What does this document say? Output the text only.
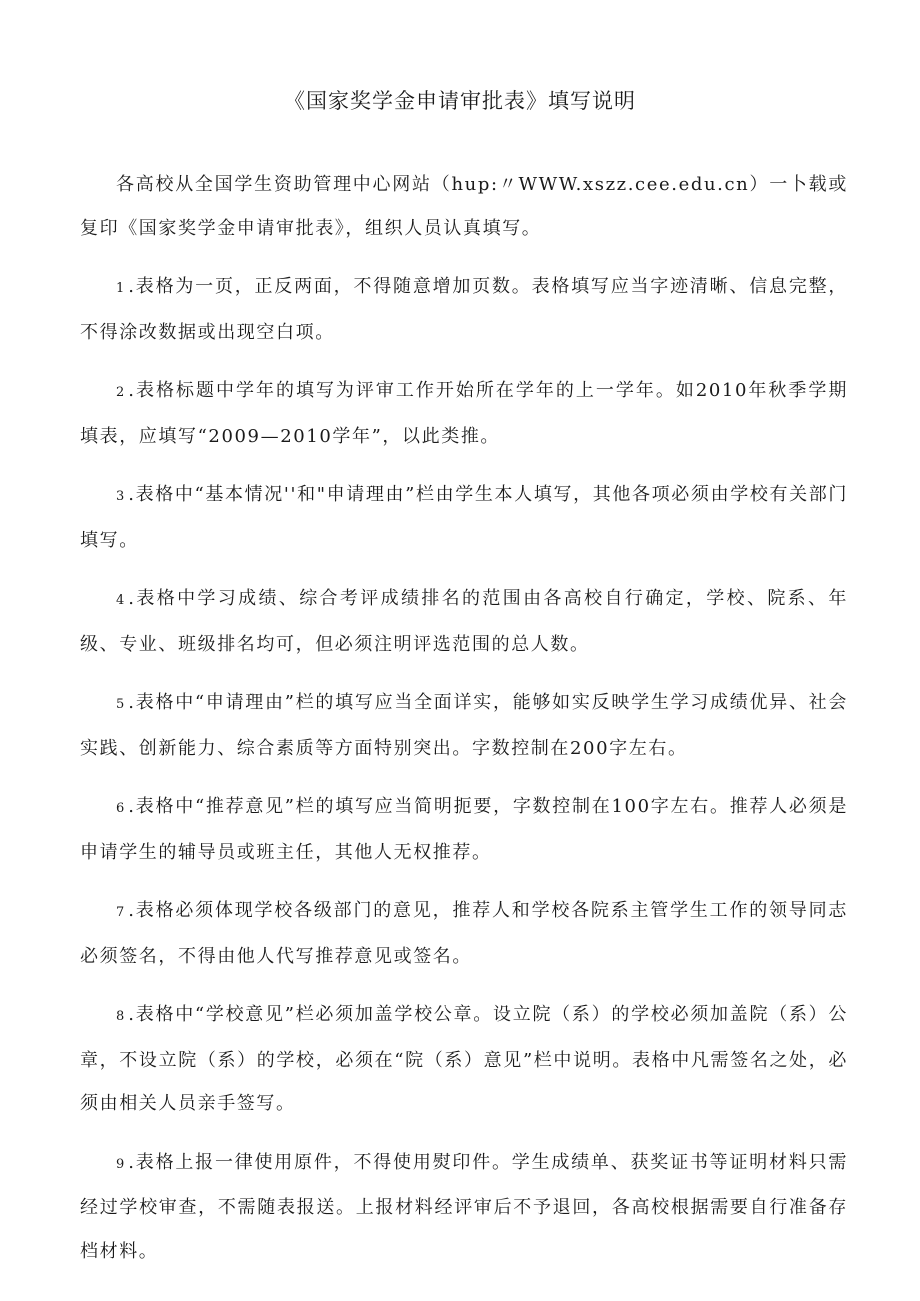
《国家奖学金申请审批表》填写说明

各高校从全国学生资助管理中心网站（hup:〃WWW.xszz.cee.edu.cn）一卜载或复印《国家奖学金申请审批表》，组织人员认真填写。

1 .表格为一页，正反两面，不得随意增加页数。表格填写应当字迹清晰、信息完整，不得涂改数据或出现空白项。

2 .表格标题中学年的填写为评审工作开始所在学年的上一学年。如2010年秋季学期填表，应填写“2009—2010学年”，以此类推。

3 .表格中“基本情况''和"申请理由”栏由学生本人填写，其他各项必须由学校有关部门填写。

4 .表格中学习成绩、综合考评成绩排名的范围由各高校自行确定，学校、院系、年级、专业、班级排名均可，但必须注明评选范围的总人数。

5 .表格中“申请理由”栏的填写应当全面详实，能够如实反映学生学习成绩优异、社会实践、创新能力、综合素质等方面特别突出。字数控制在200字左右。

6 .表格中“推荐意见”栏的填写应当简明扼要，字数控制在100字左右。推荐人必须是申请学生的辅导员或班主任，其他人无权推荐。

7 .表格必须体现学校各级部门的意见，推荐人和学校各院系主管学生工作的领导同志必须签名，不得由他人代写推荐意见或签名。

8 .表格中“学校意见”栏必须加盖学校公章。设立院（系）的学校必须加盖院（系）公章，不设立院（系）的学校，必须在“院（系）意见”栏中说明。表格中凡需签名之处，必须由相关人员亲手签写。

9 .表格上报一律使用原件，不得使用熨印件。学生成绩单、获奖证书等证明材料只需经过学校审查，不需随表报送。上报材料经评审后不予退回，各高校根据需要自行准备存档材料。
